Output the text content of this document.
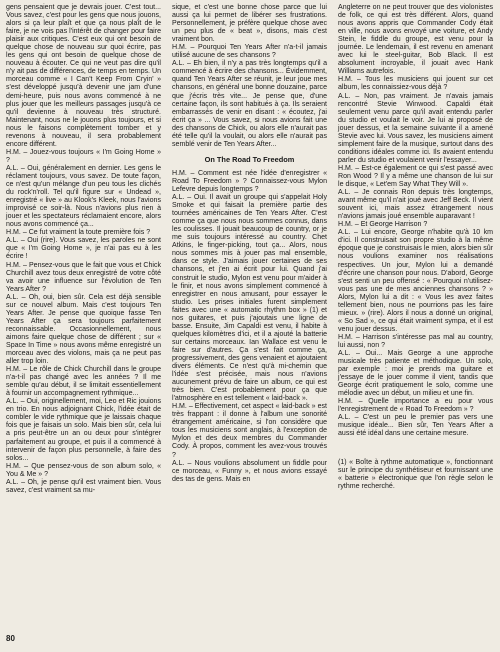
gens pensaient que je devrais jouer. C'est tout... Vous savez, c'est pour les gens que nous jouons, alors si ça leur plaît et que ça nous plaît de le faire, je ne vois pas l'intérêt de changer pour faire plaisir aux critiques. C'est eux qui ont besoin de quelque chose de nouveau sur quoi écrire, pas les gens qui ont besoin de quelque chose de nouveau à écouter. Ce qui ne veut pas dire qu'il n'y ait pas de différences, de temps en temps. Un morceau comme « I Can't Keep From Cryin' » s'est développé jusqu'à devenir une jam d'une demi-heure, puis nous avons commencé à ne plus jouer que les meilleurs passages jusqu'à ce qu'il devienne à nouveau très structuré. Maintenant, nous ne le jouons plus toujours, et si nous le faisons complètement tomber et y revenons à nouveau, il sera probablement encore différent.

H.M. – Jouez-vous toujours « I'm Going Home » ?

A.L. – Oui, généralement en dernier. Les gens le réclament toujours, vous savez. De toute façon, ce n'est qu'un mélange d'un peu tous les clichés du rock'n'roll. Tel qu'il figure sur « Undead », enregistré « live » au Klook's Kleek, nous l'avions improvisé ce soir-là. Nous n'avions plus rien à jouer et les spectateurs réclamaient encore, alors nous avons commencé ça...

H.M. – Ce fut vraiment la toute première fois ?

A.L. – Oui (rire). Vous savez, les paroles ne sont que « I'm Going Home », je n'ai pas eu à les écrire !

H.M. – Pensez-vous que le fait que vous et Chick Churchill avez tous deux enregistré de votre côté va avoir une influence sur l'évolution de Ten Years After ?

A.L. – Oh, oui, bien sûr. Cela est déjà sensible sur ce nouvel album. Mais c'est toujours Ten Years After. Je pense que quoique fasse Ten Years After ça sera toujours parfaitement reconnaissable. Occasionnellement, nous aimons faire quelque chose de différent ; sur « Space In Time » nous avons même enregistré un morceau avec des violons, mais ça ne peut pas aller trop loin.

H.M. – Le rôle de Chick Churchill dans le groupe n'a-t-il pas changé avec les années ? Il me semble qu'au début, il se limitait essentiellement à fournir un accompagnement rythmique...

A.L. – Oui, originellement, moi, Leo et Ric jouions en trio. En nous adjoignant Chick, l'idée était de combler le vide rythmique que je laissais chaque fois que je faisais un solo. Mais bien sûr, cela lui a pris peut-être un an ou deux pour s'intégrer parfaitement au groupe, et puis il a commencé à intervenir de façon plus personnelle, à faire des solos...

H.M. – Que pensez-vous de son album solo, « You & Me » ?

A.L. – Oh, je pense qu'il est vraiment bien. Vous savez, c'est vraiment sa mu-

sique, et c'est une bonne chose parce que lui aussi ça lui permet de libérer ses frustrations. Personnellement, je préfère quelque chose avec un peu plus de « beat », disons, mais c'est vraiment bon.

H.M. – Pourquoi Ten Years After n'a-t-il jamais utilisé aucune de ses chansons ?

A.L. – Eh bien, il n'y a pas très longtemps qu'il a commencé à écrire des chansons... Évidemment, quand Ten Years After se réunit, je leur joue mes chansons, en général une bonne douzaine, parce que j'écris très vite... Je pense que, d'une certaine façon, ils sont habitués à ça. Ils seraient embarrassés de venir en disant : « écoutez, j'ai écrit ça » ... Vous savez, si nous avions fait une des chansons de Chick, ou alors elle n'aurait pas été telle qu'il la voulait, ou alors elle n'aurait pas semblé venir de Ten Years After...

On The Road To Freedom

H.M. – Comment est née l'idée d'enregistrer « Road To Freedom » ? Connaissez-vous Mylon Lefevre depuis longtemps ?

A.L. – Oui. Il avait un groupe qui s'appelait Holy Smoke et qui faisait la première partie des tournées américaines de Ten Years After. C'est comme ça que nous nous sommes connus, dans les coulisses. Il jouait beaucoup de country, or je me suis toujours intéressé au country. Chet Atkins, le finger-picking, tout ça... Alors, nous nous sommes mis à jouer pas mal ensemble, dans ce style. J'aimais jouer certaines de ses chansons, et j'en ai écrit pour lui. Quand j'ai construit le studio, Mylon est venu pour m'aider à le finir, et nous avons simplement commencé à enregistrer en nous amusant, pour essayer le studio. Les prises initiales furent simplement faites avec une « automatic rhythm box » (1) et nos guitares, et puis j'ajoutais une ligne de basse. Ensuite, Jim Capaldi est venu, il habite à quelques kilomètres d'ici, et il a ajouté la batterie sur certains morceaux. Ian Wallace est venu le faire sur d'autres. Ça s'est fait comme ça, progressivement, des gens venaient et ajoutaient divers éléments. Ce n'est qu'à mi-chemin que l'idée s'est précisée, mais nous n'avions aucunement prévu de faire un album, ce qui est très bien. C'est probablement pour ça que l'atmosphère en est tellement « laid-back ».

H.M. – Effectivement, cet aspect « laid-back » est très frappant : il donne à l'album une sonorité étrangement américaine, si l'on considère que tous les musiciens sont anglais, à l'exception de Mylon et des deux membres du Commander Cody. À propos, comment les avez-vous trouvés ?

A.L. – Nous voulions absolument un fiddle pour ce morceau, « Funny », et nous avions essayé des tas de gens. Mais en

Angleterre on ne peut trouver que des violonistes de folk, ce qui est très différent. Alors, quand nous avons appris que Commander Cody était en ville, nous avons envoyé une voiture, et Andy Stein, le fiddle du groupe, est venu pour la journée. Le lendemain, il est revenu en amenant avec lui le steel-guitar, Bob Black. Il est absolument incroyable, il jouait avec Hank Williams autrefois.

H.M. – Tous les musiciens qui jouent sur cet album, les connaissiez-vous déjà ?

A.L. – Non, pas vraiment. Je n'avais jamais rencontré Stevie Winwood. Capaldi était seulement venu parce qu'il avait entendu parler du studio et voulait le voir. Je lui ai proposé de jouer dessus, et la semaine suivante il a amené Stevie avec lui. Vous savez, les musiciens aiment simplement faire de la musique, surtout dans des conditions idéales comme ici. Ils avaient entendu parler du studio et voulaient venir l'essayer...

H.M. – Est-ce également ce qui s'est passé avec Ron Wood ? Il y a même une chanson de lui sur le disque, « Let'em Say What They Will ».

A.L. – Je connais Ron depuis très longtemps, avant même qu'il n'ait joué avec Jeff Beck. Il vient souvent ici, mais assez étrangement nous n'avions jamais joué ensemble auparavant !

H.M. – Et George Harrison ?

A.L. – Lui encore, George n'habite qu'à 10 km d'ici. Il construisait son propre studio à la même époque que je construisais le mien, alors bien sûr nous voulions examiner nos réalisations respectives. Un jour, Mylon lui a demandé d'écrire une chanson pour nous. D'abord, George s'est senti un peu offensé : « Pourquoi n'utilisez-vous pas une de mes anciennes chansons ? » Alors, Mylon lui a dit : « Vous les avez faites tellement bien, nous ne pourrions pas les faire mieux. » (rire). Alors il nous a donné un original, « So Sad », ce qui était vraiment sympa, et il est venu jouer dessus.

H.M. – Harrison s'intéresse pas mal au country, lui aussi, non ?

A.L. – Oui... Mais George a une approche musicale très patiente et méthodique. Un solo, par exemple : moi je prends ma guitare et j'essaye de le jouer comme il vient, tandis que George écrit pratiquement le solo, comme une mélodie avec un début, un milieu et une fin.

H.M. – Quelle importance a eu pour vous l'enregistrement de « Road To Freedom » ?

A.L. – C'est un peu le premier pas vers une musique idéale... Bien sûr, Ten Years After a aussi été idéal dans une certaine mesure.

(1) « Boîte à rythme automatique », fonctionnant sur le principe du synthétiseur et fournissant une « batterie » électronique que l'on règle selon le rythme recherché.

80
